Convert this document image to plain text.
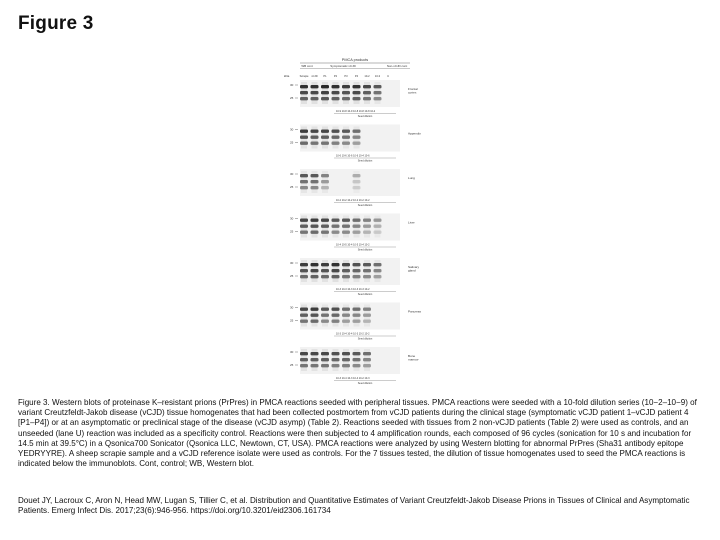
Figure 3
PMCA products
WB cont	Symptomatic vCJD	Non-vCJD cont
kDa	Scrapie vCJD P1	P2	P3	P4 10-2 10-3	U
30
25
Frontal
cortex
10-9 10-8 10-9 10-8 10-8 10-8 10-2
Seed dilution
30
25
Appendix
10-6 10-6 10-6 10-6 10-4 10-6
Seed dilution
30
25
Lung
10-2 10-2 10-2 10-2 10-2 10-2
Seed dilution
30
25
Liver
10-4 10-5 10-4 10-5 10-4 10-2
Seed dilution
30
25
Salivary
gland
10-3 10-3 10-3 10-3 10-3 10-2
Seed dilution
30
25
Pancreas
10-3 10-4 10-4 10-3 10-2 10-2
Seed dilution
30
25
Bone
marrow
10-3 10-4 10-3 10-4 10-2 10-3
Seed dilution
Figure 3. Western blots of proteinase K–resistant prions (PrPres) in PMCA reactions seeded with peripheral tissues. PMCA reactions were seeded with a 10-fold dilution series (10−2–10−9) of variant Creutzfeldt-Jakob disease (vCJD) tissue homogenates that had been collected postmortem from vCJD patients during the clinical stage (symptomatic vCJD patient 1–vCJD patient 4 [P1–P4]) or at an asymptomatic or preclinical stage of the disease (vCJD asymp) (Table 2). Reactions seeded with tissues from 2 non-vCJD patients (Table 2) were used as controls, and an unseeded (lane U) reaction was included as a specificity control. Reactions were then subjected to 4 amplification rounds, each composed of 96 cycles (sonication for 10 s and incubation for 14.5 min at 39.5°C) in a Qsonica700 Sonicator (Qsonica LLC, Newtown, CT, USA). PMCA reactions were analyzed by using Western blotting for abnormal PrPres (Sha31 antibody epitope YEDRYYRE). A sheep scrapie sample and a vCJD reference isolate were used as controls. For the 7 tissues tested, the dilution of tissue homogenates used to seed the PMCA reactions is indicated below the immunoblots. Cont, control; WB, Western blot.
Douet JY, Lacroux C, Aron N, Head MW, Lugan S, Tillier C, et al. Distribution and Quantitative Estimates of Variant Creutzfeldt-Jakob Disease Prions in Tissues of Clinical and Asymptomatic Patients. Emerg Infect Dis. 2017;23(6):946-956. https://doi.org/10.3201/eid2306.161734
